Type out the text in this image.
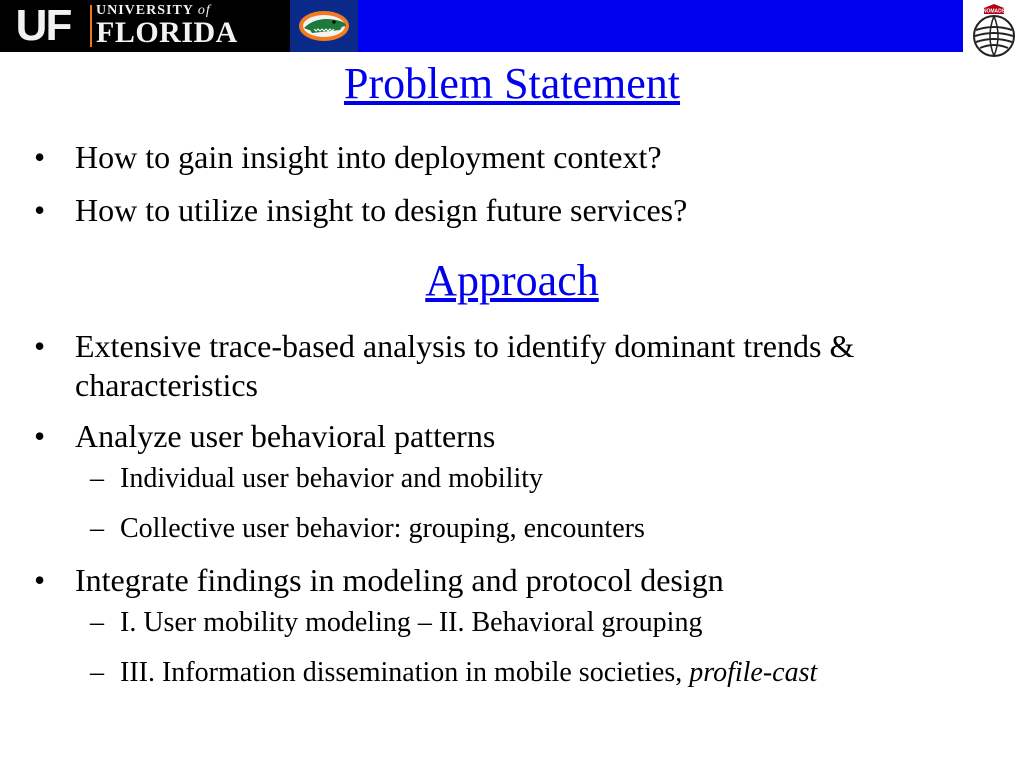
UF	UNIVERSITY of
FLORIDA
NOMADS
Problem Statement
• How to gain insight into deployment context?
• How to utilize insight to design future services?
Approach
• Extensive trace-based analysis to identify dominant trends & characteristics
• Analyze user behavioral patterns
– Individual user behavior and mobility
– Collective user behavior: grouping, encounters
• Integrate findings in modeling and protocol design
– I. User mobility modeling – II. Behavioral grouping
– III. Information dissemination in mobile societies, profile-cast
